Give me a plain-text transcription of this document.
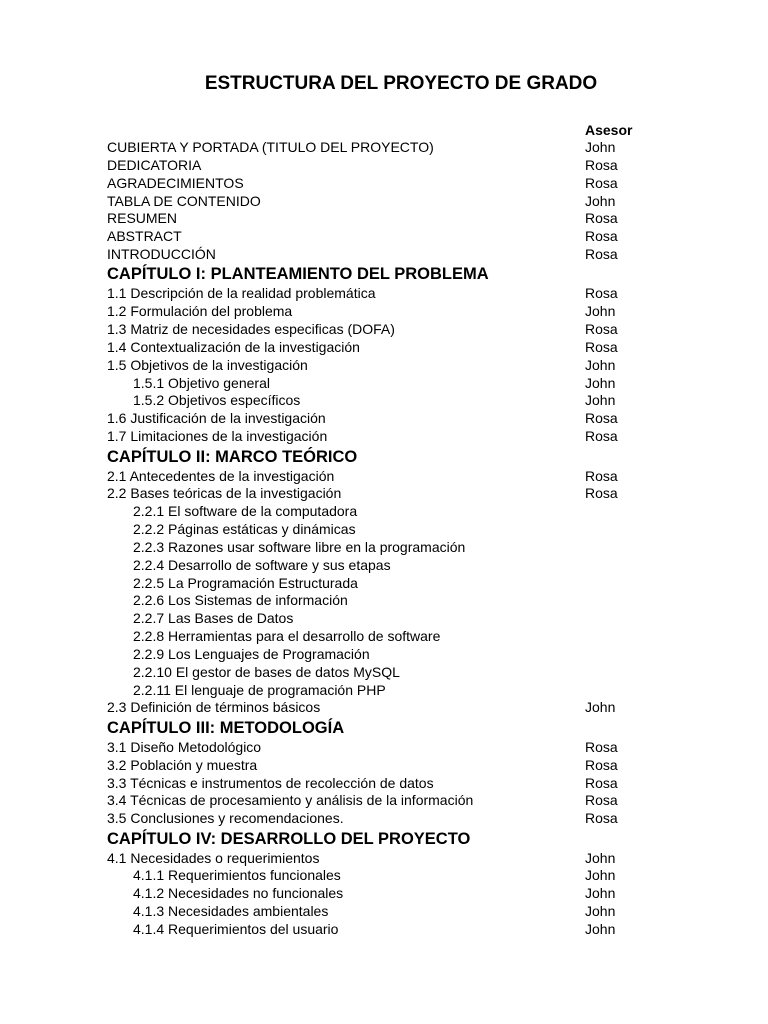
ESTRUCTURA DEL PROYECTO DE GRADO
Asesor
CUBIERTA Y PORTADA (TITULO DEL PROYECTO)	John
DEDICATORIA	Rosa
AGRADECIMIENTOS	Rosa
TABLA DE CONTENIDO	John
RESUMEN	Rosa
ABSTRACT	Rosa
INTRODUCCIÓN	Rosa
CAPÍTULO I: PLANTEAMIENTO DEL PROBLEMA
1.1 Descripción de la realidad problemática	Rosa
1.2 Formulación del problema	John
1.3 Matriz de necesidades especificas (DOFA)	Rosa
1.4 Contextualización de la investigación	Rosa
1.5 Objetivos de la investigación	John
1.5.1 Objetivo general	John
1.5.2 Objetivos específicos	John
1.6 Justificación de la investigación	Rosa
1.7 Limitaciones de la investigación	Rosa
CAPÍTULO II: MARCO TEÓRICO
2.1 Antecedentes de la investigación	Rosa
2.2 Bases teóricas de la investigación	Rosa
2.2.1 El software de la computadora
2.2.2 Páginas estáticas y dinámicas
2.2.3 Razones usar software libre en la programación
2.2.4 Desarrollo de software y sus etapas
2.2.5 La Programación Estructurada
2.2.6 Los Sistemas de información
2.2.7 Las Bases de Datos
2.2.8 Herramientas para el desarrollo de software
2.2.9 Los Lenguajes de Programación
2.2.10 El gestor de bases de datos MySQL
2.2.11 El lenguaje de programación PHP
2.3 Definición de términos básicos	John
CAPÍTULO III: METODOLOGÍA
3.1 Diseño Metodológico	Rosa
3.2 Población y muestra	Rosa
3.3 Técnicas e instrumentos de recolección de datos	Rosa
3.4 Técnicas de procesamiento y análisis de la información	Rosa
3.5 Conclusiones y recomendaciones.	Rosa
CAPÍTULO IV: DESARROLLO DEL PROYECTO
4.1 Necesidades o requerimientos	John
4.1.1 Requerimientos funcionales	John
4.1.2 Necesidades no funcionales	John
4.1.3 Necesidades ambientales	John
4.1.4 Requerimientos del usuario	John
